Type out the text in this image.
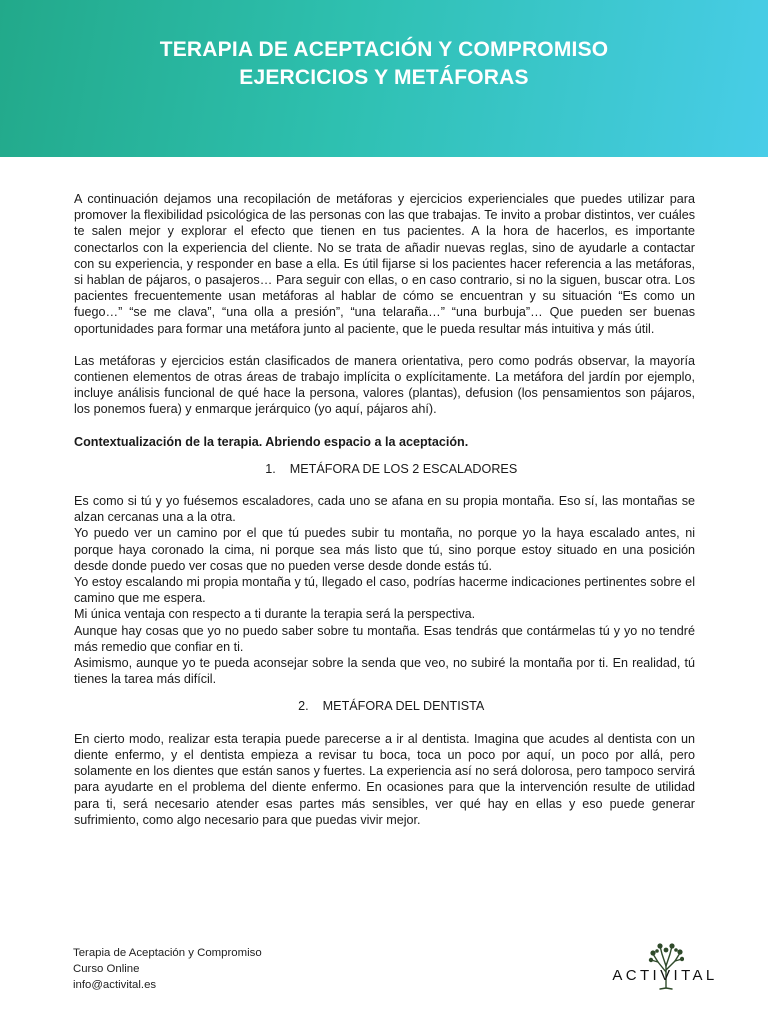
TERAPIA DE ACEPTACIÓN Y COMPROMISO
EJERCICIOS Y METÁFORAS

A continuación dejamos una recopilación de metáforas y ejercicios experienciales que puedes utilizar para promover la flexibilidad psicológica de las personas con las que trabajas. Te invito a probar distintos, ver cuáles te salen mejor y explorar el efecto que tienen en tus pacientes. A la hora de hacerlos, es importante conectarlos con la experiencia del cliente. No se trata de añadir nuevas reglas, sino de ayudarle a contactar con su experiencia, y responder en base a ella. Es útil fijarse si los pacientes hacer referencia a las metáforas, si hablan de pájaros, o pasajeros… Para seguir con ellas, o en caso contrario, si no la siguen, buscar otra. Los pacientes frecuentemente usan metáforas al hablar de cómo se encuentran y su situación “Es como un fuego…” “se me clava”, “una olla a presión”, “una telaraña…” “una burbuja”… Que pueden ser buenas oportunidades para formar una metáfora junto al paciente, que le pueda resultar más intuitiva y más útil.

Las metáforas y ejercicios están clasificados de manera orientativa, pero como podrás observar, la mayoría contienen elementos de otras áreas de trabajo implícita o explícitamente. La metáfora del jardín por ejemplo, incluye análisis funcional de qué hace la persona, valores (plantas), defusion (los pensamientos son pájaros, los ponemos fuera) y enmarque jerárquico (yo aquí, pájaros ahí).

Contextualización de la terapia. Abriendo espacio a la aceptación.

1. METÁFORA DE LOS 2 ESCALADORES

Es como si tú y yo fuésemos escaladores, cada uno se afana en su propia montaña. Eso sí, las montañas se alzan cercanas una a la otra.

Yo puedo ver un camino por el que tú puedes subir tu montaña, no porque yo la haya escalado antes, ni porque haya coronado la cima, ni porque sea más listo que tú, sino porque estoy situado en una posición desde donde puedo ver cosas que no pueden verse desde donde estás tú.

Yo estoy escalando mi propia montaña y tú, llegado el caso, podrías hacerme indicaciones pertinentes sobre el camino que me espera.

Mi única ventaja con respecto a ti durante la terapia será la perspectiva.

Aunque hay cosas que yo no puedo saber sobre tu montaña. Esas tendrás que contármelas tú y yo no tendré más remedio que confiar en ti.

Asimismo, aunque yo te pueda aconsejar sobre la senda que veo, no subiré la montaña por ti. En realidad, tú tienes la tarea más difícil.

2. METÁFORA DEL DENTISTA

En cierto modo, realizar esta terapia puede parecerse a ir al dentista. Imagina que acudes al dentista con un diente enfermo, y el dentista empieza a revisar tu boca, toca un poco por aquí, un poco por allá, pero solamente en los dientes que están sanos y fuertes. La experiencia así no será dolorosa, pero tampoco servirá para ayudarte en el problema del diente enfermo. En ocasiones para que la intervención resulte de utilidad para ti, será necesario atender esas partes más sensibles, ver qué hay en ellas y eso puede generar sufrimiento, como algo necesario para que puedas vivir mejor.

Terapia de Aceptación y Compromiso
Curso Online
info@activital.es
ACTIVITAL
